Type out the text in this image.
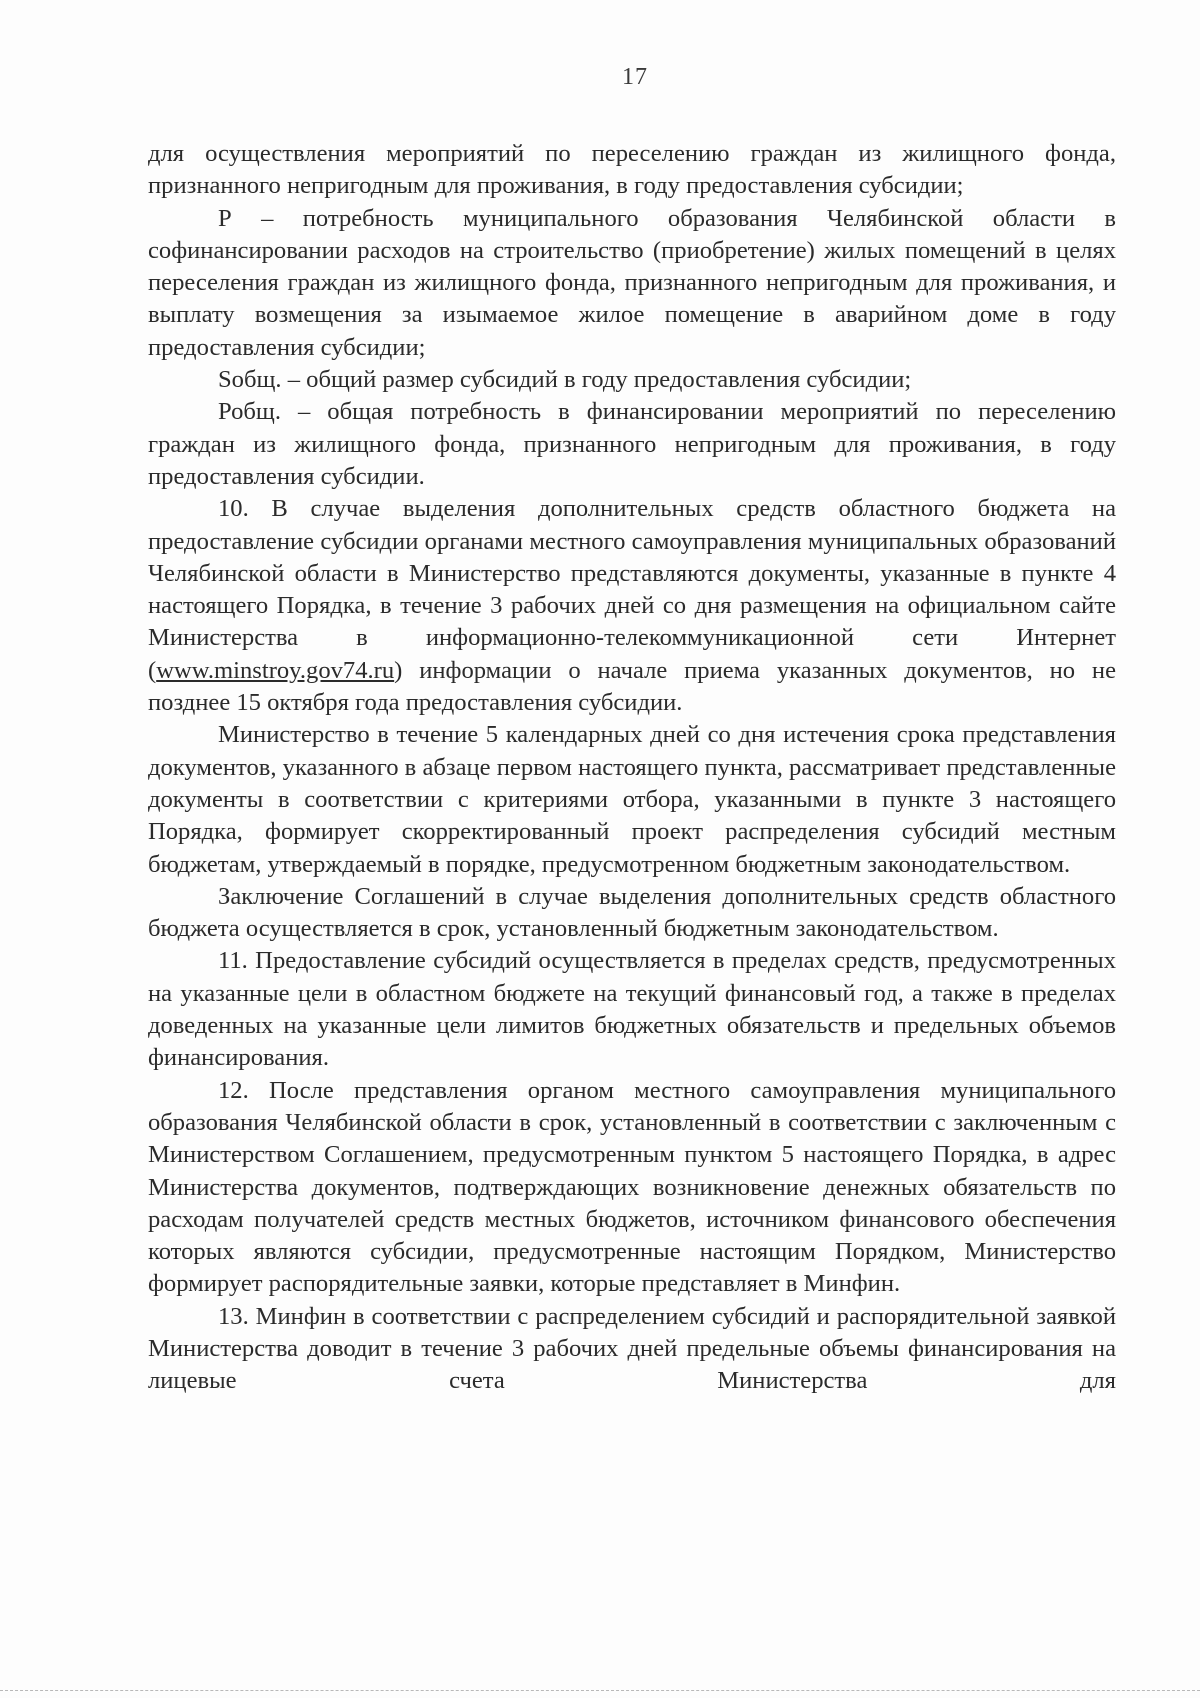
17

для осуществления мероприятий по переселению граждан из жилищного фонда, признанного непригодным для проживания, в году предоставления субсидии;

Р – потребность муниципального образования Челябинской области в софинансировании расходов на строительство (приобретение) жилых помещений в целях переселения граждан из жилищного фонда, признанного непригодным для проживания, и выплату возмещения за изымаемое жилое помещение в аварийном доме в году предоставления субсидии;

Sобщ. – общий размер субсидий в году предоставления субсидии;

Робщ. – общая потребность в финансировании мероприятий по переселению граждан из жилищного фонда, признанного непригодным для проживания, в году предоставления субсидии.

10. В случае выделения дополнительных средств областного бюджета на предоставление субсидии органами местного самоуправления муниципальных образований Челябинской области в Министерство представляются документы, указанные в пункте 4 настоящего Порядка, в течение 3 рабочих дней со дня размещения на официальном сайте Министерства в информационно-телекоммуникационной сети Интернет (www.minstroy.gov74.ru) информации о начале приема указанных документов, но не позднее 15 октября года предоставления субсидии.

Министерство в течение 5 календарных дней со дня истечения срока представления документов, указанного в абзаце первом настоящего пункта, рассматривает представленные документы в соответствии с критериями отбора, указанными в пункте 3 настоящего Порядка, формирует скорректированный проект распределения субсидий местным бюджетам, утверждаемый в порядке, предусмотренном бюджетным законодательством.

Заключение Соглашений в случае выделения дополнительных средств областного бюджета осуществляется в срок, установленный бюджетным законодательством.

11. Предоставление субсидий осуществляется в пределах средств, предусмотренных на указанные цели в областном бюджете на текущий финансовый год, а также в пределах доведенных на указанные цели лимитов бюджетных обязательств и предельных объемов финансирования.

12. После представления органом местного самоуправления муниципального образования Челябинской области в срок, установленный в соответствии с заключенным с Министерством Соглашением, предусмотренным пунктом 5 настоящего Порядка, в адрес Министерства документов, подтверждающих возникновение денежных обязательств по расходам получателей средств местных бюджетов, источником финансового обеспечения которых являются субсидии, предусмотренные настоящим Порядком, Министерство формирует распорядительные заявки, которые представляет в Минфин.

13. Минфин в соответствии с распределением субсидий и распорядительной заявкой Министерства доводит в течение 3 рабочих дней предельные объемы финансирования на лицевые счета Министерства для
